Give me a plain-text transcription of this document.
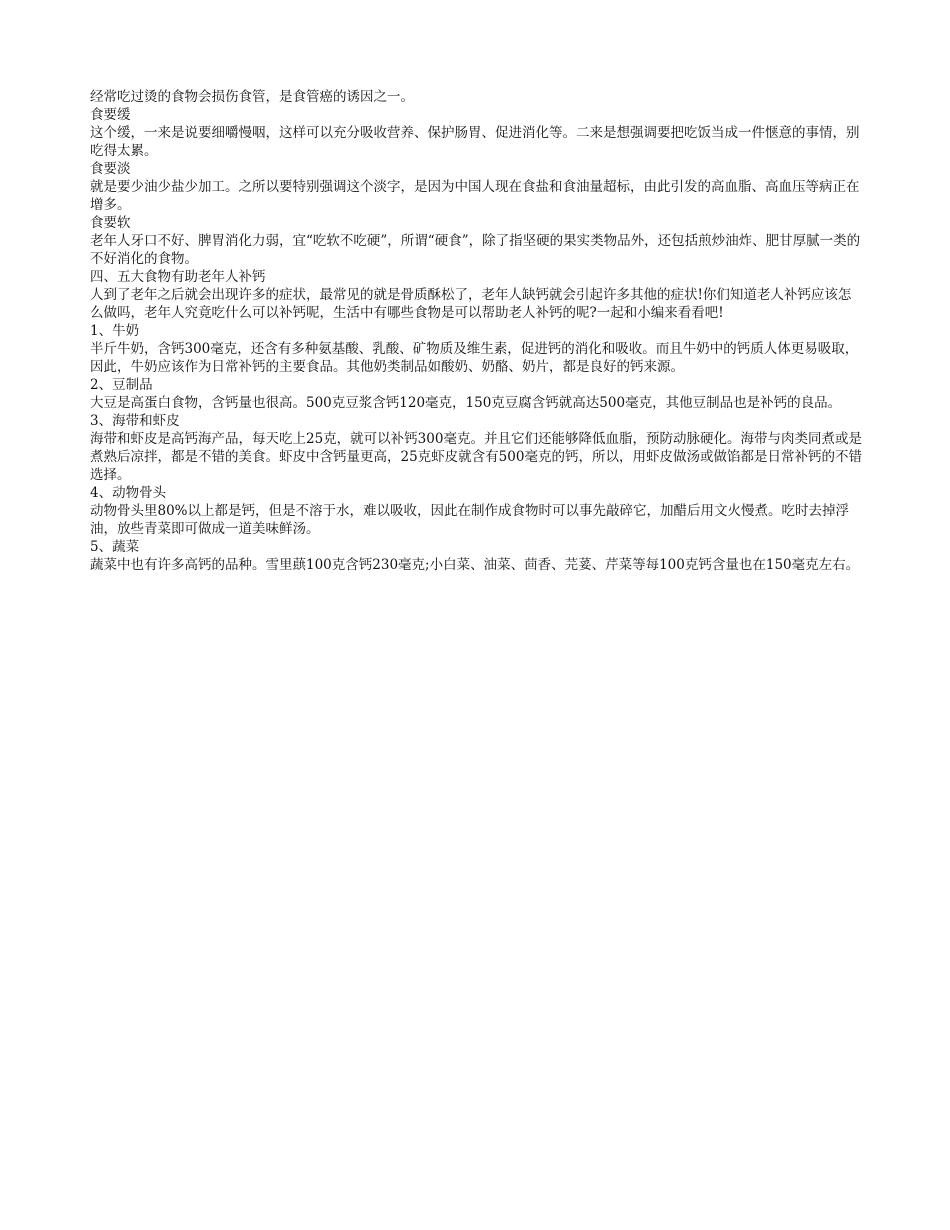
经常吃过烫的食物会损伤食管，是食管癌的诱因之一。

食要缓

这个缓，一来是说要细嚼慢咽，这样可以充分吸收营养、保护肠胃、促进消化等。二来是想强调要把吃饭当成一件惬意的事情，别吃得太累。

食要淡

就是要少油少盐少加工。之所以要特别强调这个淡字，是因为中国人现在食盐和食油量超标，由此引发的高血脂、高血压等病正在增多。

食要软

老年人牙口不好、脾胃消化力弱，宜“吃软不吃硬”，所谓“硬食”，除了指坚硬的果实类物品外，还包括煎炒油炸、肥甘厚腻一类的不好消化的食物。

四、五大食物有助老年人补钙

人到了老年之后就会出现许多的症状，最常见的就是骨质酥松了，老年人缺钙就会引起许多其他的症状!你们知道老人补钙应该怎么做吗，老年人究竟吃什么可以补钙呢，生活中有哪些食物是可以帮助老人补钙的呢?一起和小编来看看吧!

1、牛奶

半斤牛奶，含钙300毫克，还含有多种氨基酸、乳酸、矿物质及维生素，促进钙的消化和吸收。而且牛奶中的钙质人体更易吸取，因此，牛奶应该作为日常补钙的主要食品。其他奶类制品如酸奶、奶酪、奶片，都是良好的钙来源。

2、豆制品

大豆是高蛋白食物，含钙量也很高。500克豆浆含钙120毫克，150克豆腐含钙就高达500毫克，其他豆制品也是补钙的良品。

3、海带和虾皮

海带和虾皮是高钙海产品，每天吃上25克，就可以补钙300毫克。并且它们还能够降低血脂，预防动脉硬化。海带与肉类同煮或是煮熟后凉拌，都是不错的美食。虾皮中含钙量更高，25克虾皮就含有500毫克的钙，所以，用虾皮做汤或做馅都是日常补钙的不错选择。

4、动物骨头

动物骨头里80%以上都是钙，但是不溶于水，难以吸收，因此在制作成食物时可以事先敲碎它，加醋后用文火慢煮。吃时去掉浮油，放些青菜即可做成一道美味鲜汤。

5、蔬菜

蔬菜中也有许多高钙的品种。雪里蕻100克含钙230毫克;小白菜、油菜、茴香、芫荽、芹菜等每100克钙含量也在150毫克左右。
